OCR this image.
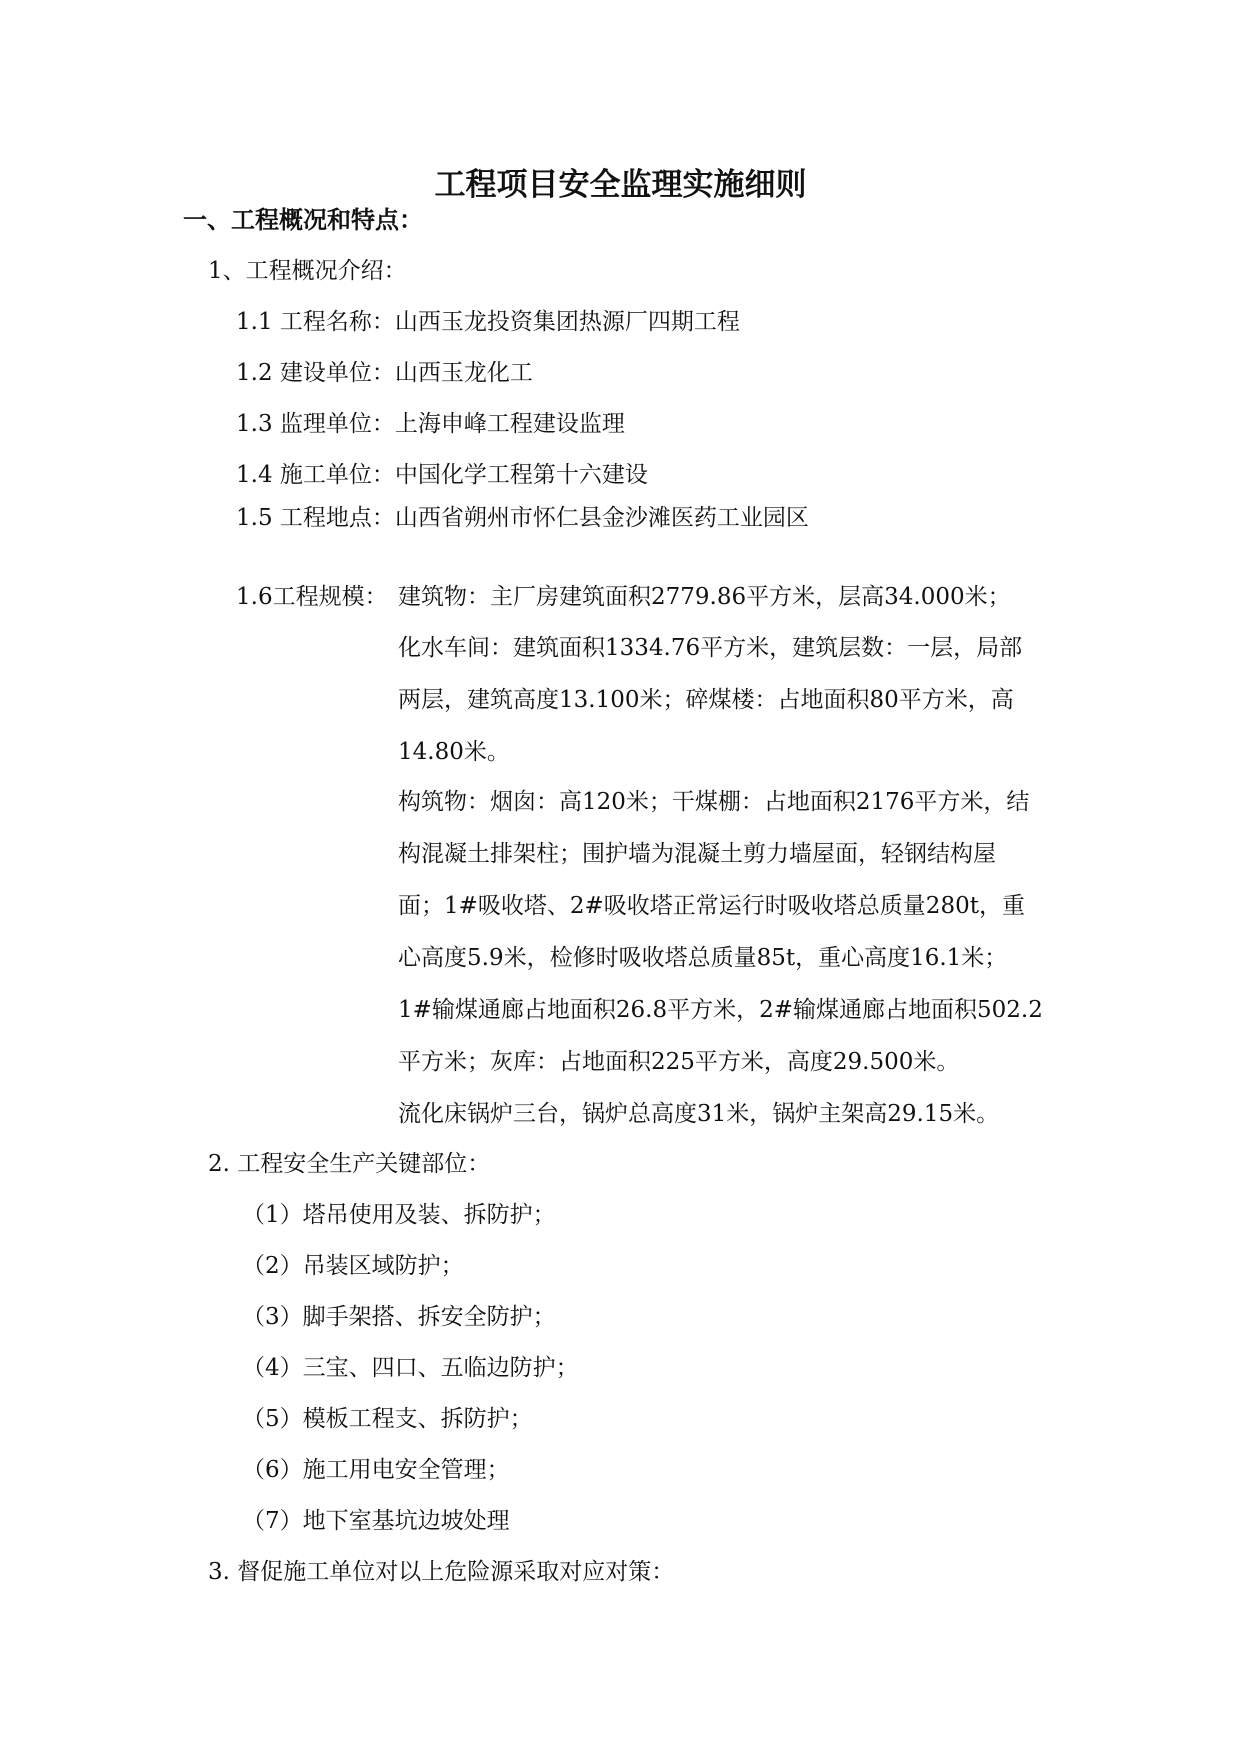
工程项目安全监理实施细则
一、工程概况和特点：
1、工程概况介绍：
1.1 工程名称：山西玉龙投资集团热源厂四期工程
1.2 建设单位：山西玉龙化工
1.3 监理单位：上海申峰工程建设监理
1.4 施工单位：中国化学工程第十六建设
1.5 工程地点：山西省朔州市怀仁县金沙滩医药工业园区
1.6工程规模： 建筑物：主厂房建筑面积2779.86平方米，层高34.000米；
化水车间：建筑面积1334.76平方米，建筑层数：一层，局部
两层，建筑高度13.100米；碎煤楼：占地面积80平方米，高
14.80米。
构筑物：烟囱：高120米；干煤棚：占地面积2176平方米，结
构混凝土排架柱；围护墙为混凝土剪力墙屋面，轻钢结构屋
面；1#吸收塔、2#吸收塔正常运行时吸收塔总质量280t，重
心高度5.9米，检修时吸收塔总质量85t，重心高度16.1米；
1#输煤通廊占地面积26.8平方米，2#输煤通廊占地面积502.2
平方米；灰库：占地面积225平方米，高度29.500米。
流化床锅炉三台，锅炉总高度31米，锅炉主架高29.15米。
2. 工程安全生产关键部位：
（1）塔吊使用及装、拆防护；
（2）吊装区域防护；
（3）脚手架搭、拆安全防护；
（4）三宝、四口、五临边防护；
（5）模板工程支、拆防护；
（6）施工用电安全管理；
（7）地下室基坑边坡处理
3. 督促施工单位对以上危险源采取对应对策：
